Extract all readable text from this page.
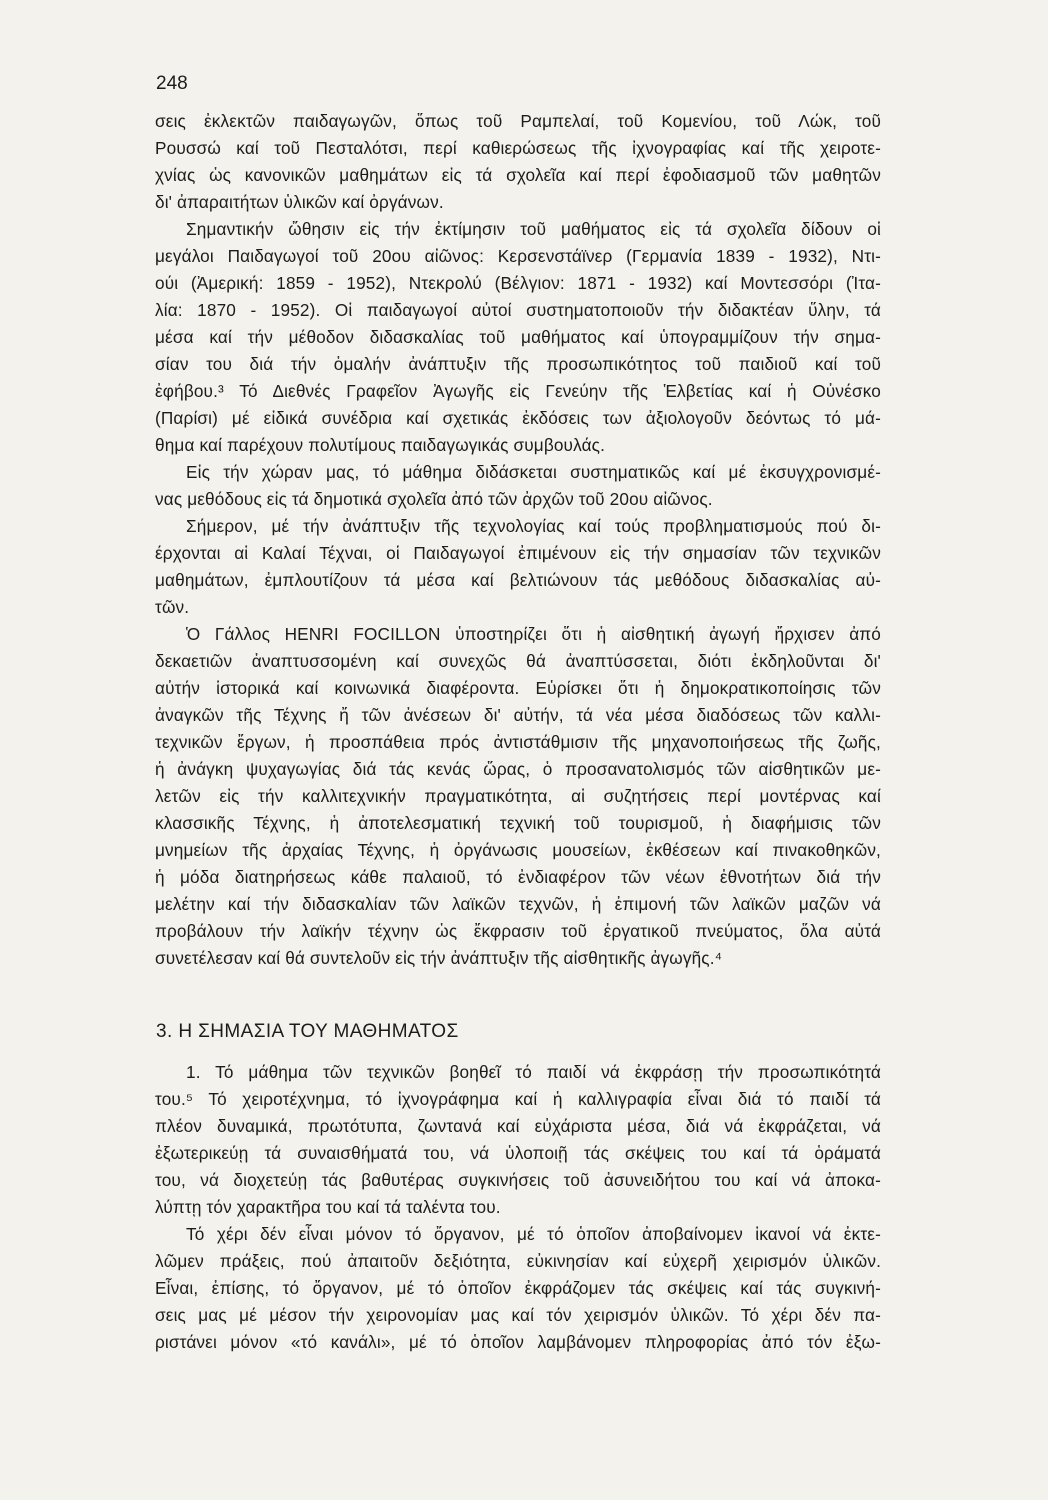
248
σεις ἐκλεκτῶν παιδαγωγῶν, ὅπως τοῦ Ραμπελαί, τοῦ Κομενίου, τοῦ Λώκ, τοῦ
Ρουσσώ καί τοῦ Πεσταλότσι, περί καθιερώσεως τῆς ἰχνογραφίας καί τῆς χειροτε-
χνίας ὡς κανονικῶν μαθημάτων εἰς τά σχολεῖα καί περί ἐφοδιασμοῦ τῶν μαθητῶν
δι' ἀπαραιτήτων ὑλικῶν καί ὀργάνων.
Σημαντικήν ὤθησιν εἰς τήν ἐκτίμησιν τοῦ μαθήματος εἰς τά σχολεῖα δίδουν οἱ
μεγάλοι Παιδαγωγοί τοῦ 20ου αἰῶνος: Κερσενστάϊνερ (Γερμανία 1839 - 1932), Ντι-
ούι (Ἀμερική: 1859 - 1952), Ντεκρολύ (Βέλγιον: 1871 - 1932) καί Μοντεσσόρι (Ἰτα-
λία: 1870 - 1952). Οἱ παιδαγωγοί αὐτοί συστηματοποιοῦν τήν διδακτέαν ὕλην, τά
μέσα καί τήν μέθοδον διδασκαλίας τοῦ μαθήματος καί ὑπογραμμίζουν τήν σημα-
σίαν του διά τήν ὁμαλήν ἀνάπτυξιν τῆς προσωπικότητος τοῦ παιδιοῦ καί τοῦ
ἐφήβου.³ Τό Διεθνές Γραφεῖον Ἀγωγῆς εἰς Γενεύην τῆς Ἑλβετίας καί ἡ Οὐνέσκο
(Παρίσι) μέ εἰδικά συνέδρια καί σχετικάς ἐκδόσεις των ἀξιολογοῦν δεόντως τό μά-
θημα καί παρέχουν πολυτίμους παιδαγωγικάς συμβουλάς.
Εἰς τήν χώραν μας, τό μάθημα διδάσκεται συστηματικῶς καί μέ ἐκσυγχρονισμέ-
νας μεθόδους εἰς τά δημοτικά σχολεῖα ἀπό τῶν ἀρχῶν τοῦ 20ου αἰῶνος.
Σήμερον, μέ τήν ἀνάπτυξιν τῆς τεχνολογίας καί τούς προβληματισμούς πού δι-
έρχονται αἱ Καλαί Τέχναι, οἱ Παιδαγωγοί ἐπιμένουν εἰς τήν σημασίαν τῶν τεχνικῶν
μαθημάτων, ἐμπλουτίζουν τά μέσα καί βελτιώνουν τάς μεθόδους διδασκαλίας αὐ-
τῶν.
Ὁ Γάλλος HENRI FOCILLON ὑποστηρίζει ὅτι ἡ αἰσθητική ἀγωγή ἤρχισεν ἀπό
δεκαετιῶν ἀναπτυσσομένη καί συνεχῶς θά ἀναπτύσσεται, διότι ἐκδηλοῦνται δι'
αὐτήν ἱστορικά καί κοινωνικά διαφέροντα. Εὑρίσκει ὅτι ἡ δημοκρατικοποίησις τῶν
ἀναγκῶν τῆς Τέχνης ἤ τῶν ἀνέσεων δι' αὐτήν, τά νέα μέσα διαδόσεως τῶν καλλι-
τεχνικῶν ἔργων, ἡ προσπάθεια πρός ἀντιστάθμισιν τῆς μηχανοποιήσεως τῆς ζωῆς,
ἡ ἀνάγκη ψυχαγωγίας διά τάς κενάς ὥρας, ὁ προσανατολισμός τῶν αἰσθητικῶν με-
λετῶν εἰς τήν καλλιτεχνικήν πραγματικότητα, αἱ συζητήσεις περί μοντέρνας καί
κλασσικῆς Τέχνης, ἡ ἀποτελεσματική τεχνική τοῦ τουρισμοῦ, ἡ διαφήμισις τῶν
μνημείων τῆς ἀρχαίας Τέχνης, ἡ ὀργάνωσις μουσείων, ἐκθέσεων καί πινακοθηκῶν,
ἡ μόδα διατηρήσεως κάθε παλαιοῦ, τό ἐνδιαφέρον τῶν νέων ἐθνοτήτων διά τήν
μελέτην καί τήν διδασκαλίαν τῶν λαϊκῶν τεχνῶν, ἡ ἐπιμονή τῶν λαϊκῶν μαζῶν νά
προβάλουν τήν λαϊκήν τέχνην ὡς ἔκφρασιν τοῦ ἐργατικοῦ πνεύματος, ὅλα αὐτά
συνετέλεσαν καί θά συντελοῦν εἰς τήν ἀνάπτυξιν τῆς αἰσθητικῆς ἀγωγῆς.⁴
3. Η ΣΗΜΑΣΙΑ ΤΟΥ ΜΑΘΗΜΑΤΟΣ
1. Τό μάθημα τῶν τεχνικῶν βοηθεῖ τό παιδί νά ἐκφράσῃ τήν προσωπικότητά
του.⁵ Τό χειροτέχνημα, τό ἰχνογράφημα καί ἡ καλλιγραφία εἶναι διά τό παιδί τά
πλέον δυναμικά, πρωτότυπα, ζωντανά καί εὐχάριστα μέσα, διά νά ἐκφράζεται, νά
ἐξωτερικεύῃ τά συναισθήματά του, νά ὑλοποιῇ τάς σκέψεις του καί τά ὁράματά
του, νά διοχετεύῃ τάς βαθυτέρας συγκινήσεις τοῦ ἀσυνειδήτου του καί νά ἀποκα-
λύπτῃ τόν χαρακτῆρα του καί τά ταλέντα του.
Τό χέρι δέν εἶναι μόνον τό ὄργανον, μέ τό ὁποῖον ἀποβαίνομεν ἱκανοί νά ἐκτε-
λῶμεν πράξεις, πού ἀπαιτοῦν δεξιότητα, εὐκινησίαν καί εὐχερῆ χειρισμόν ὑλικῶν.
Εἶναι, ἐπίσης, τό ὄργανον, μέ τό ὁποῖον ἐκφράζομεν τάς σκέψεις καί τάς συγκινή-
σεις μας μέ μέσον τήν χειρονομίαν μας καί τόν χειρισμόν ὑλικῶν. Τό χέρι δέν πα-
ριστάνει μόνον «τό κανάλι», μέ τό ὁποῖον λαμβάνομεν πληροφορίας ἀπό τόν ἐξω-
